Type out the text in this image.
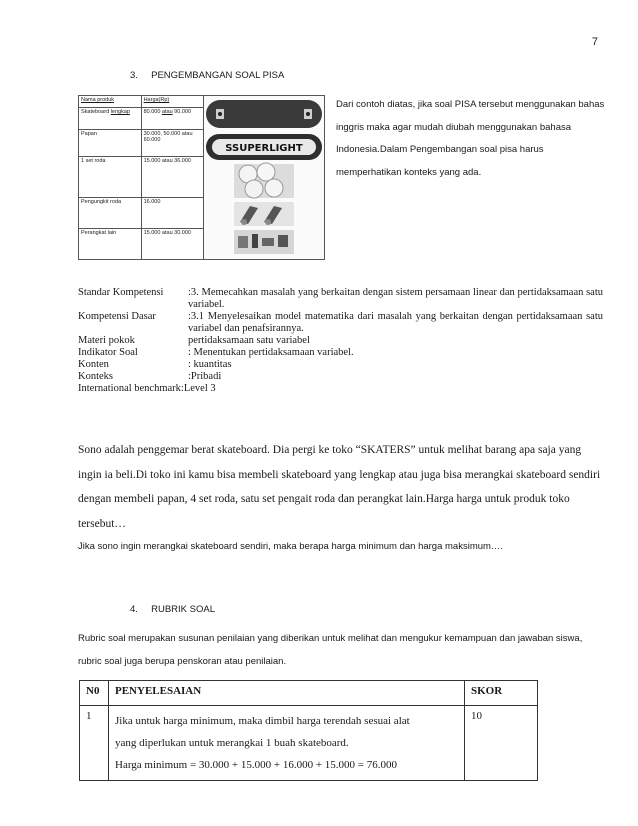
7
3.     PENGEMBANGAN SOAL PISA
Nama produk	Harga(Rp)	SSUPERLIGHT

Skateboard lengkap	80.000 atau 90.000	
Papan	30.000, 50.000 atau 60.000	
1 set roda	15.000 atau 36.000	
Pengungkit roda	16.000	
Perangkat lain	15.000 atau 30.000	
Dari contoh diatas, jika soal PISA tersebut menggunakan bahas inggris maka agar mudah diubah menggunakan bahasa Indonesia.Dalam Pengembangan soal pisa harus memperhatikan konteks yang ada.
Standar Kompetensi	:3. Memecahkan masalah yang berkaitan dengan sistem persamaan linear dan pertidaksamaan satu variabel.
Kompetensi Dasar	:3.1 Menyelesaikan model matematika dari masalah yang berkaitan dengan pertidaksamaan satu variabel dan penafsirannya.
Materi pokok	pertidaksamaan satu variabel
Indikator Soal	: Menentukan pertidaksamaan variabel.
Konten	: kuantitas
Konteks	:Pribadi
International benchmark: Level 3
Sono adalah penggemar berat skateboard. Dia pergi ke toko “SKATERS” untuk melihat barang apa saja yang ingin ia beli.Di toko ini kamu bisa membeli skateboard yang lengkap atau juga bisa merangkai skateboard sendiri dengan membeli papan, 4 set roda, satu set pengait roda dan perangkat lain.Harga harga untuk produk toko tersebut…
Jika sono ingin merangkai skateboard sendiri, maka berapa harga minimum dan harga maksimum….
4.     RUBRIK SOAL
Rubric soal merupakan susunan penilaian yang diberikan untuk melihat dan mengukur kemampuan dan jawaban siswa, rubric soal juga berupa penskoran atau penilaian.
N0	PENYELESAIAN	SKOR
1	Jika untuk harga minimum, maka dimbil harga terendah sesuai alat
yang diperlukan untuk merangkai 1 buah skateboard.
Harga minimum = 30.000 + 15.000 + 16.000 + 15.000 = 76.000	10
